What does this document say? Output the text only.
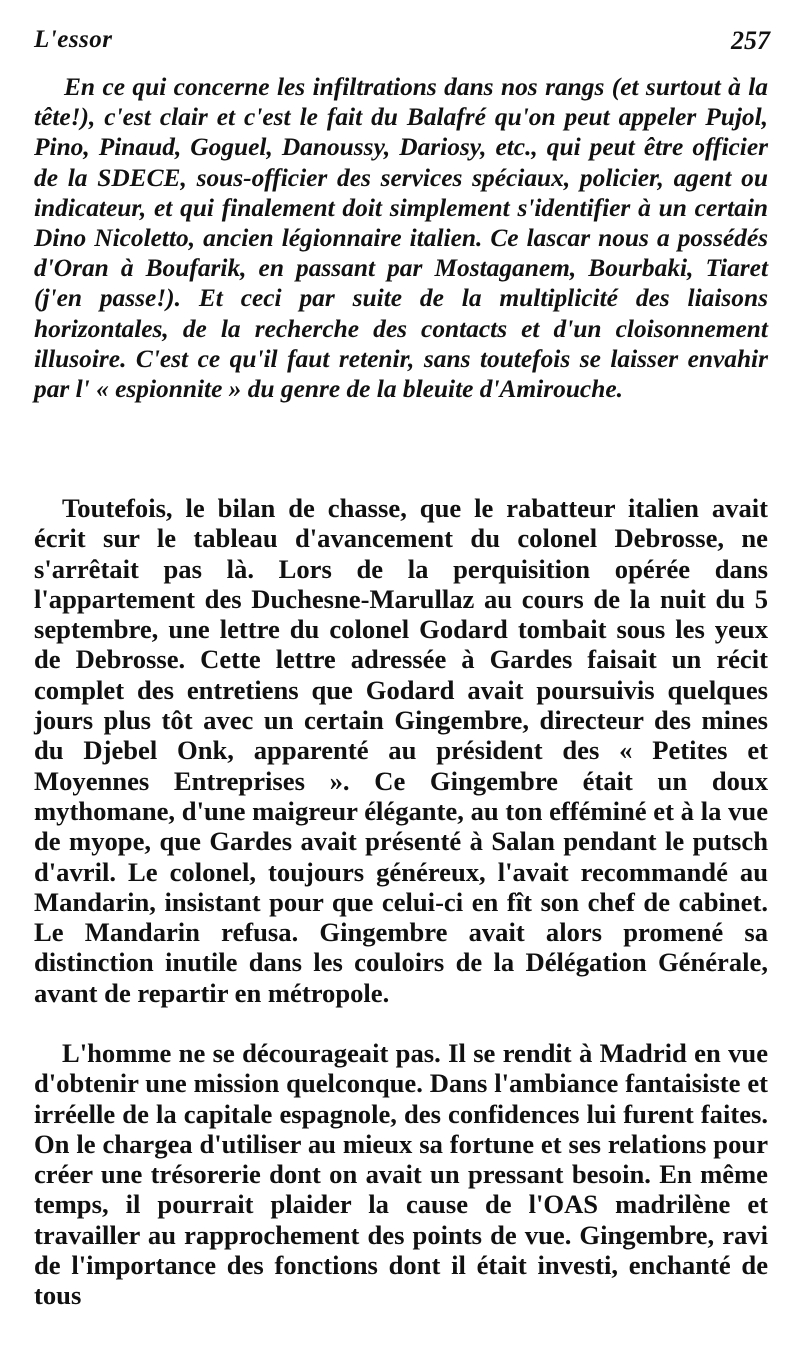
L'essor	257

En ce qui concerne les infiltrations dans nos rangs (et surtout à la tête!), c'est clair et c'est le fait du Balafré qu'on peut appeler Pujol, Pino, Pinaud, Goguel, Danoussy, Dariosy, etc., qui peut être officier de la SDECE, sous-officier des services spéciaux, policier, agent ou indicateur, et qui finalement doit simplement s'identifier à un certain Dino Nicoletto, ancien légionnaire italien. Ce lascar nous a possédés d'Oran à Boufarik, en passant par Mostaganem, Bourbaki, Tiaret (j'en passe!). Et ceci par suite de la multiplicité des liaisons horizontales, de la recherche des contacts et d'un cloisonnement illusoire. C'est ce qu'il faut retenir, sans toutefois se laisser envahir par l' « espionnite » du genre de la bleuite d'Amirouche.

Toutefois, le bilan de chasse, que le rabatteur italien avait écrit sur le tableau d'avancement du colonel Debrosse, ne s'arrêtait pas là. Lors de la perquisition opérée dans l'appartement des Duchesne-Marullaz au cours de la nuit du 5 septembre, une lettre du colonel Godard tombait sous les yeux de Debrosse. Cette lettre adressée à Gardes faisait un récit complet des entretiens que Godard avait poursuivis quelques jours plus tôt avec un certain Gingembre, directeur des mines du Djebel Onk, apparenté au président des « Petites et Moyennes Entreprises ». Ce Gingembre était un doux mythomane, d'une maigreur élégante, au ton efféminé et à la vue de myope, que Gardes avait présenté à Salan pendant le putsch d'avril. Le colonel, toujours généreux, l'avait recommandé au Mandarin, insistant pour que celui-ci en fît son chef de cabinet. Le Mandarin refusa. Gingembre avait alors promené sa distinction inutile dans les couloirs de la Délégation Générale, avant de repartir en métropole.

L'homme ne se décourageait pas. Il se rendit à Madrid en vue d'obtenir une mission quelconque. Dans l'ambiance fantaisiste et irréelle de la capitale espagnole, des confidences lui furent faites. On le chargea d'utiliser au mieux sa fortune et ses relations pour créer une trésorerie dont on avait un pressant besoin. En même temps, il pourrait plaider la cause de l'OAS madrilène et travailler au rapprochement des points de vue. Gingembre, ravi de l'importance des fonctions dont il était investi, enchanté de tous
